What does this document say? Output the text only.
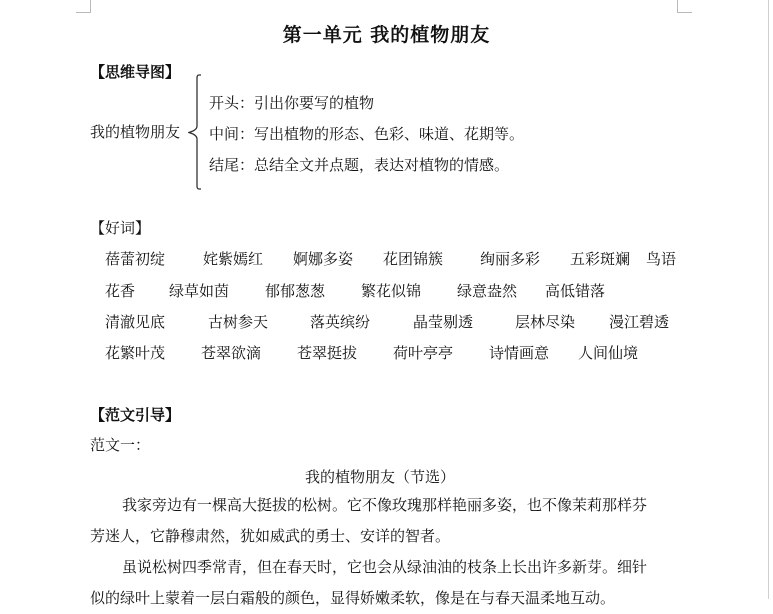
第一单元 我的植物朋友
【思维导图】
我的植物朋友
开头：引出你要写的植物
中间：写出植物的形态、色彩、味道、花期等。
结尾：总结全文并点题，表达对植物的情感。
【好词】
蓓蕾初绽	姹紫嫣红 婀娜多姿 花团锦簇 绚丽多彩 五彩斑斓 鸟语
花香 绿草如茵 郁郁葱葱 繁花似锦 绿意盎然 高低错落
清澈见底	古树参天	落英缤纷	晶莹剔透	层林尽染 漫江碧透
花繁叶茂 苍翠欲滴 苍翠挺拔 荷叶亭亭 诗情画意 人间仙境
【范文引导】
范文一：
我的植物朋友（节选）
我家旁边有一棵高大挺拔的松树。它不像玫瑰那样艳丽多姿，也不像茉莉那样芬
芳迷人，它静穆肃然，犹如威武的勇士、安详的智者。
虽说松树四季常青，但在春天时，它也会从绿油油的枝条上长出许多新芽。细针
似的绿叶上蒙着一层白霜般的颜色，显得娇嫩柔软，像是在与春天温柔地互动。
